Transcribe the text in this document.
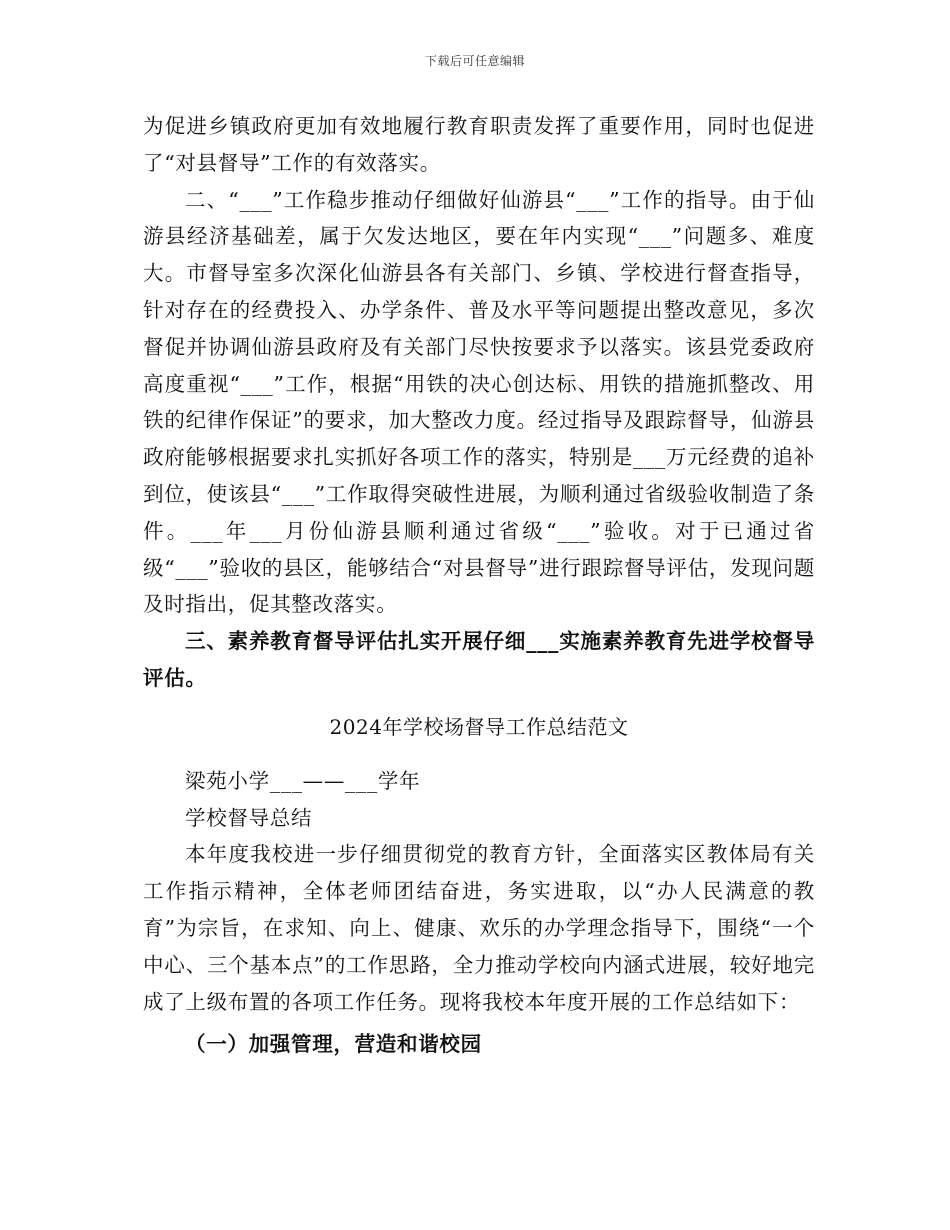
下载后可任意编辑

为促进乡镇政府更加有效地履行教育职责发挥了重要作用，同时也促进了“对县督导”工作的有效落实。

二、“___”工作稳步推动仔细做好仙游县“___”工作的指导。由于仙游县经济基础差，属于欠发达地区，要在年内实现“___”问题多、难度大。市督导室多次深化仙游县各有关部门、乡镇、学校进行督查指导，针对存在的经费投入、办学条件、普及水平等问题提出整改意见，多次督促并协调仙游县政府及有关部门尽快按要求予以落实。该县党委政府高度重视“___”工作，根据“用铁的决心创达标、用铁的措施抓整改、用铁的纪律作保证”的要求，加大整改力度。经过指导及跟踪督导，仙游县政府能够根据要求扎实抓好各项工作的落实，特别是___万元经费的追补到位，使该县“___”工作取得突破性进展，为顺利通过省级验收制造了条件。___年___月份仙游县顺利通过省级“___”验收。对于已通过省级“___”验收的县区，能够结合“对县督导”进行跟踪督导评估，发现问题及时指出，促其整改落实。

三、素养教育督导评估扎实开展仔细___实施素养教育先进学校督导评估。

2024年学校场督导工作总结范文

梁苑小学___——___学年

学校督导总结

本年度我校进一步仔细贯彻党的教育方针，全面落实区教体局有关工作指示精神，全体老师团结奋进，务实进取，以“办人民满意的教育”为宗旨，在求知、向上、健康、欢乐的办学理念指导下，围绕“一个中心、三个基本点”的工作思路，全力推动学校向内涵式进展，较好地完成了上级布置的各项工作任务。现将我校本年度开展的工作总结如下：

（一）加强管理，营造和谐校园
